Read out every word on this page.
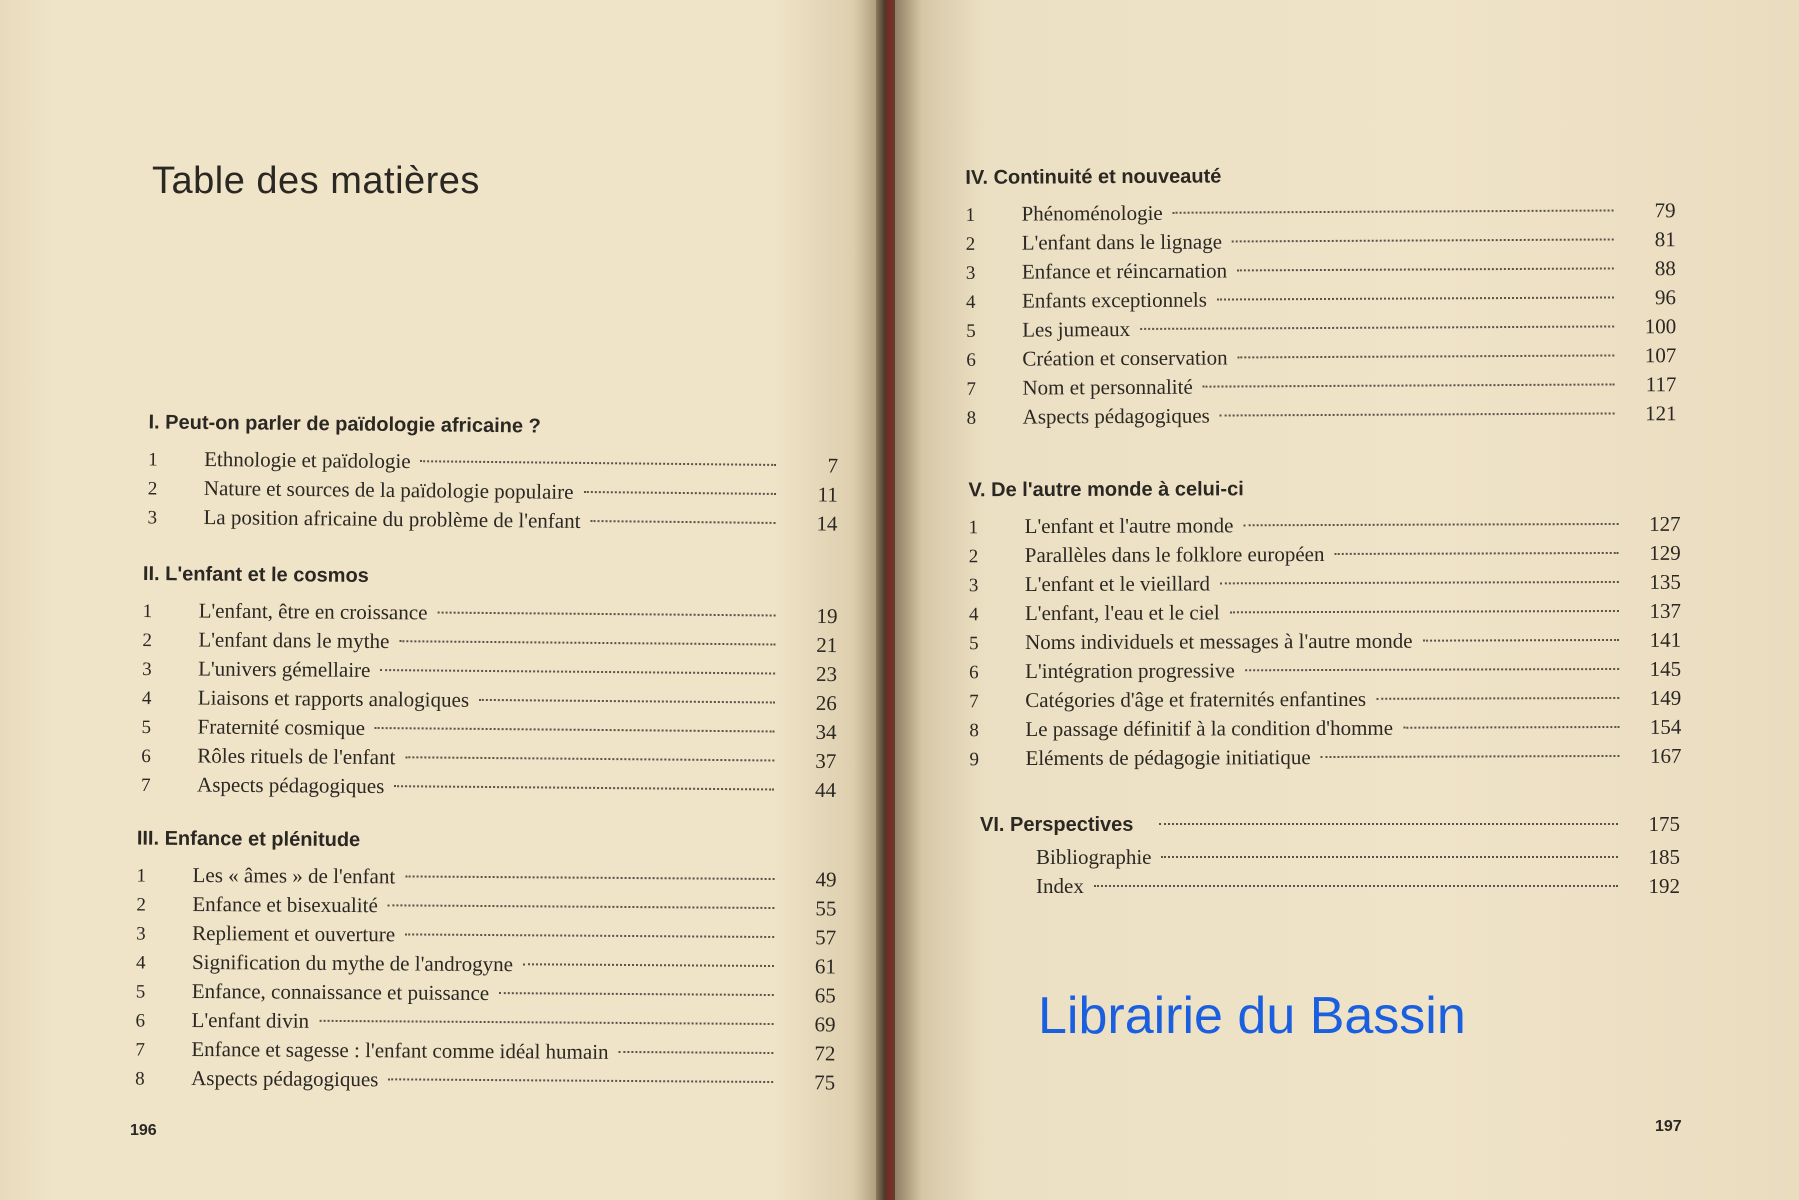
Table des matières
I. Peut-on parler de païdologie africaine ?
1	Ethnologie et païdologie	7
2	Nature et sources de la païdologie populaire	11
3	La position africaine du problème de l'enfant	14
II. L'enfant et le cosmos
1	L'enfant, être en croissance	19
2	L'enfant dans le mythe	21
3	L'univers gémellaire	23
4	Liaisons et rapports analogiques	26
5	Fraternité cosmique	34
6	Rôles rituels de l'enfant	37
7	Aspects pédagogiques	44
III. Enfance et plénitude
1	Les « âmes » de l'enfant	49
2	Enfance et bisexualité	55
3	Repliement et ouverture	57
4	Signification du mythe de l'androgyne	61
5	Enfance, connaissance et puissance	65
6	L'enfant divin	69
7	Enfance et sagesse : l'enfant comme idéal humain	72
8	Aspects pédagogiques	75
196
IV. Continuité et nouveauté
1	Phénoménologie	79
2	L'enfant dans le lignage	81
3	Enfance et réincarnation	88
4	Enfants exceptionnels	96
5	Les jumeaux	100
6	Création et conservation	107
7	Nom et personnalité	117
8	Aspects pédagogiques	121
V. De l'autre monde à celui-ci
1	L'enfant et l'autre monde	127
2	Parallèles dans le folklore européen	129
3	L'enfant et le vieillard	135
4	L'enfant, l'eau et le ciel	137
5	Noms individuels et messages à l'autre monde	141
6	L'intégration progressive	145
7	Catégories d'âge et fraternités enfantines	149
8	Le passage définitif à la condition d'homme	154
9	Eléments de pédagogie initiatique	167
VI. Perspectives	175
Bibliographie	185
Index	192
Librairie du Bassin
197
